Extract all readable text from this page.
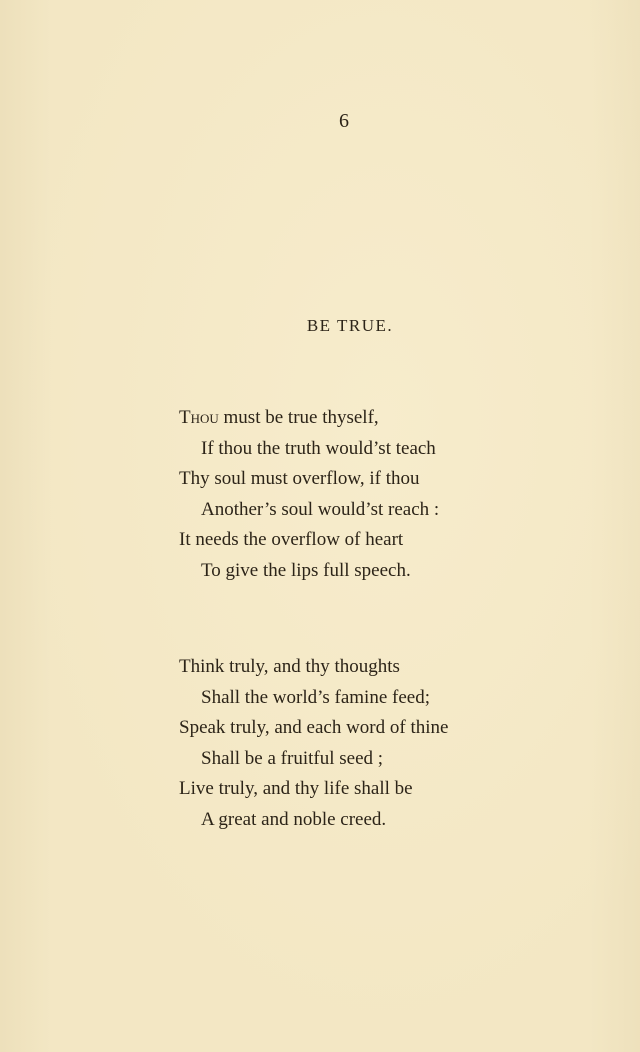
6
BE TRUE.
Thou must be true thyself,
If thou the truth would’st teach
Thy soul must overflow, if thou
Another’s soul would’st reach :
It needs the overflow of heart
To give the lips full speech.
Think truly, and thy thoughts
Shall the world’s famine feed;
Speak truly, and each word of thine
Shall be a fruitful seed ;
Live truly, and thy life shall be
A great and noble creed.
